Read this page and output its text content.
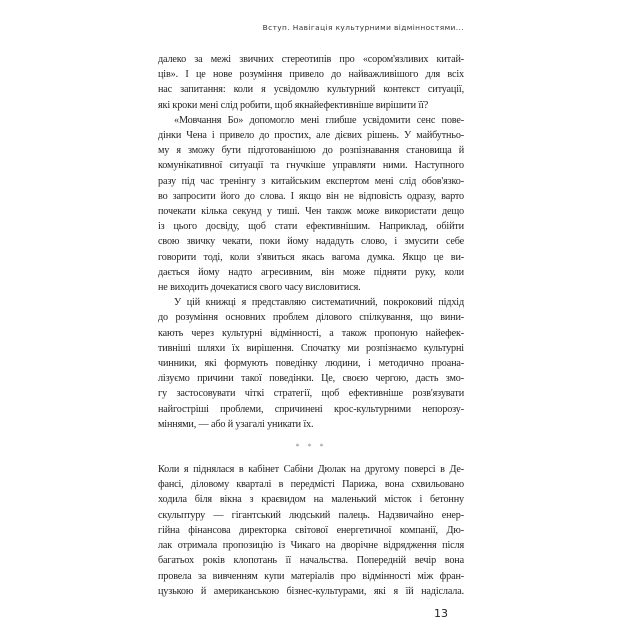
Вступ. Навігація культурними відмінностями...
далеко за межі звичних стереотипів про «сором'язливих китай-
ців». І це нове розуміння привело до найважливішого для всіх
нас запитання: коли я усвідомлю культурний контекст ситуації,
які кроки мені слід робити, щоб якнайефективніше вирішити її?
«Мовчання Бо» допомогло мені глибше усвідомити сенс пове-
дінки Чена і привело до простих, але дієвих рішень. У майбутньо-
му я зможу бути підготованішою до розпізнавання становища й
комунікативної ситуації та гнучкіше управляти ними. Наступного
разу під час тренінгу з китайським експертом мені слід обов'язко-
во запросити його до слова. І якщо він не відповість одразу, варто
почекати кілька секунд у тиші. Чен також може використати дещо
із цього досвіду, щоб стати ефективнішим. Наприклад, обійти
свою звичку чекати, поки йому нададуть слово, і змусити себе
говорити тоді, коли з'явиться якась вагома думка. Якщо це ви-
дається йому надто агресивним, він може підняти руку, коли
не виходить дочекатися свого часу висловитися.
У цій книжці я представляю систематичний, покроковий підхід
до розуміння основних проблем ділового спілкування, що вини-
кають через культурні відмінності, а також пропоную найефек-
тивніші шляхи їх вирішення. Спочатку ми розпізнаємо культурні
чинники, які формують поведінку людини, і методично проана-
лізуємо причини такої поведінки. Це, своєю чергою, дасть змо-
гу застосовувати чіткі стратегії, щоб ефективніше розв'язувати
найгостріші проблеми, спричинені крос-культурними непорозу-
міннями, — або й узагалі уникати їх.
* * *
Коли я піднялася в кабінет Сабіни Дюлак на другому поверсі в Де-
фансі, діловому кварталі в передмісті Парижа, вона схвильовано
ходила біля вікна з краєвидом на маленький місток і бетонну
скульптуру — гігантський людський палець. Надзвичайно енер-
гійна фінансова директорка світової енергетичної компанії, Дю-
лак отримала пропозицію із Чикаго на дворічне відрядження після
багатьох років клопотань її начальства. Попередній вечір вона
провела за вивченням купи матеріалів про відмінності між фран-
цузькою й американською бізнес-культурами, які я їй надіслала.
13
